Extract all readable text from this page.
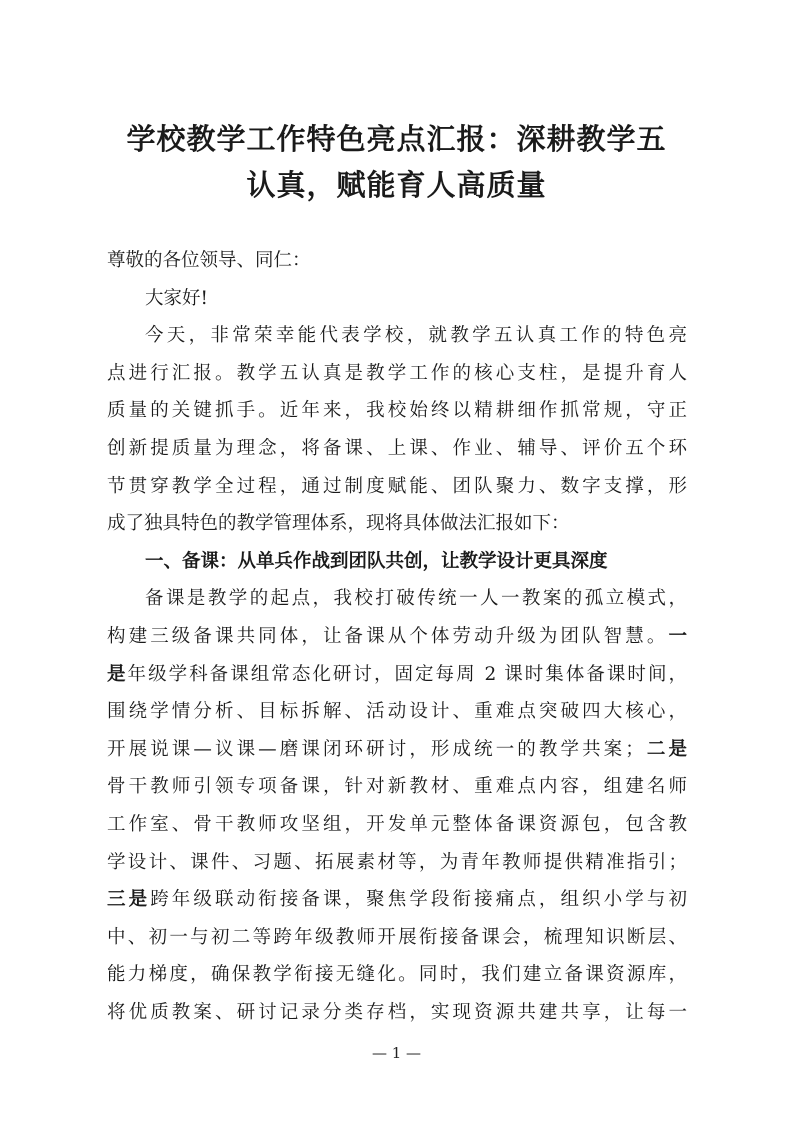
学校教学工作特色亮点汇报：深耕教学五
认真，赋能育人高质量
尊敬的各位领导、同仁：
大家好!
今天，非常荣幸能代表学校，就教学五认真工作的特色亮
点进行汇报。教学五认真是教学工作的核心支柱，是提升育人
质量的关键抓手。近年来，我校始终以精耕细作抓常规，守正
创新提质量为理念，将备课、上课、作业、辅导、评价五个环
节贯穿教学全过程，通过制度赋能、团队聚力、数字支撑，形
成了独具特色的教学管理体系，现将具体做法汇报如下：
一、备课：从单兵作战到团队共创，让教学设计更具深度
备课是教学的起点，我校打破传统一人一教案的孤立模式，
构建三级备课共同体，让备课从个体劳动升级为团队智慧。一
是年级学科备课组常态化研讨，固定每周 2 课时集体备课时间，
围绕学情分析、目标拆解、活动设计、重难点突破四大核心，
开展说课—议课—磨课闭环研讨，形成统一的教学共案；二是
骨干教师引领专项备课，针对新教材、重难点内容，组建名师
工作室、骨干教师攻坚组，开发单元整体备课资源包，包含教
学设计、课件、习题、拓展素材等，为青年教师提供精准指引；
三是跨年级联动衔接备课，聚焦学段衔接痛点，组织小学与初
中、初一与初二等跨年级教师开展衔接备课会，梳理知识断层、
能力梯度，确保教学衔接无缝化。同时，我们建立备课资源库，
将优质教案、研讨记录分类存档，实现资源共建共享，让每一
— 1 —
